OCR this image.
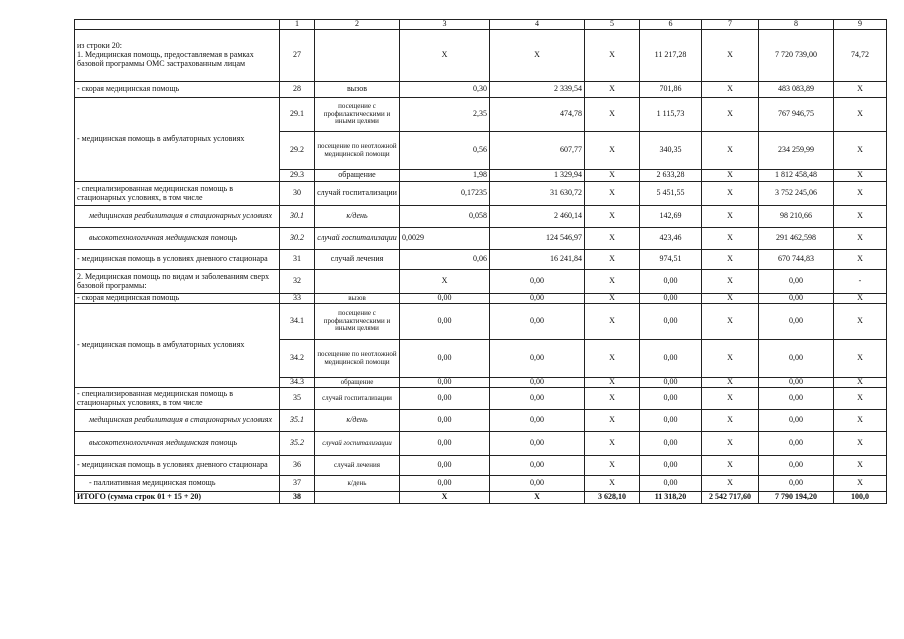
	1	2	3	4	5	6	7	8	9
из строки 20:
1. Медицинская помощь, предоставляемая в рамках базовой программы ОМС застрахованным лицам	27		X	X	X	11 217,28	X	7 720 739,00	74,72
- скорая медицинская помощь	28	вызов	0,30	2 339,54	X	701,86	X	483 083,89	X
- медицинская помощь в амбулаторных условиях	29.1	посещение с профилактическими и иными целями	2,35	474,78	X	1 115,73	X	767 946,75	X
	29.2	посещение по неотложной медицинской помощи	0,56	607,77	X	340,35	X	234 259,99	X
	29.3	обращение	1,98	1 329,94	X	2 633,28	X	1 812 458,48	X
- специализированная медицинская помощь в стационарных условиях, в том числе	30	случай госпитализации	0,17235	31 630,72	X	5 451,55	X	3 752 245,06	X
медицинская реабилитация в стационарных условиях	30.1	к/день	0,058	2 460,14	X	142,69	X	98 210,66	X
высокотехнологичная медицинская помощь	30.2	случай госпитализации	0,0029	124 546,97	X	423,46	X	291 462,598	X
- медицинская помощь в условиях дневного стационара	31	случай лечения	0,06	16 241,84	X	974,51	X	670 744,83	X
2. Медицинская помощь по видам и заболеваниям сверх базовой программы:	32		X	0,00	X	0,00	X	0,00	-
- скорая медицинская помощь	33	вызов	0,00	0,00	X	0,00	X	0,00	X
- медицинская помощь в амбулаторных условиях	34.1	посещение с профилактическими и иными целями	0,00	0,00	X	0,00	X	0,00	X
	34.2	посещение по неотложной медицинской помощи	0,00	0,00	X	0,00	X	0,00	X
	34.3	обращение	0,00	0,00	X	0,00	X	0,00	X
- специализированная медицинская помощь в стационарных условиях, в том числе	35	случай госпитализации	0,00	0,00	X	0,00	X	0,00	X
медицинская реабилитация в стационарных условиях	35.1	к/день	0,00	0,00	X	0,00	X	0,00	X
высокотехнологичная медицинская помощь	35.2	случай госпитализации	0,00	0,00	X	0,00	X	0,00	X
- медицинская помощь в условиях дневного стационара	36	случай лечения	0,00	0,00	X	0,00	X	0,00	X
- паллиативная медицинская помощь	37	к/день	0,00	0,00	X	0,00	X	0,00	X
ИТОГО (сумма строк 01 + 15 + 20)	38		X	X	3 628,10	11 318,20	2 542 717,60	7 790 194,20	100,0
